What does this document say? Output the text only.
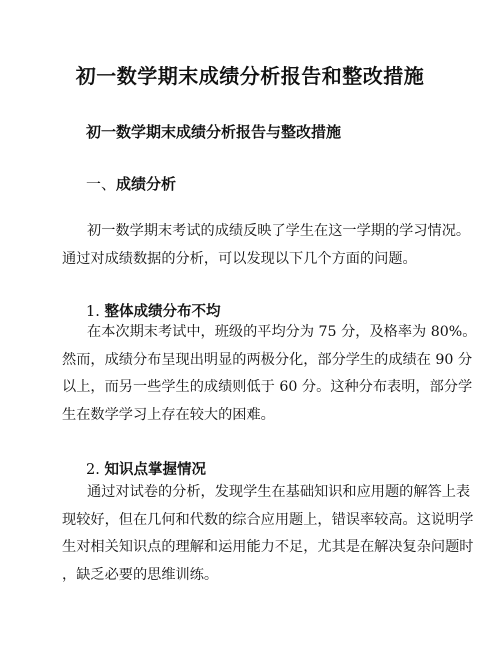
初一数学期末成绩分析报告和整改措施

初一数学期末成绩分析报告与整改措施

一、成绩分析

初一数学期末考试的成绩反映了学生在这一学期的学习情况。
通过对成绩数据的分析，可以发现以下几个方面的问题。

1. 整体成绩分布不均

在本次期末考试中，班级的平均分为 75 分，及格率为 80%。
然而，成绩分布呈现出明显的两极分化，部分学生的成绩在 90 分
以上，而另一些学生的成绩则低于 60 分。这种分布表明，部分学
生在数学学习上存在较大的困难。

2. 知识点掌握情况

通过对试卷的分析，发现学生在基础知识和应用题的解答上表
现较好，但在几何和代数的综合应用题上，错误率较高。这说明学
生对相关知识点的理解和运用能力不足，尤其是在解决复杂问题时
，缺乏必要的思维训练。
